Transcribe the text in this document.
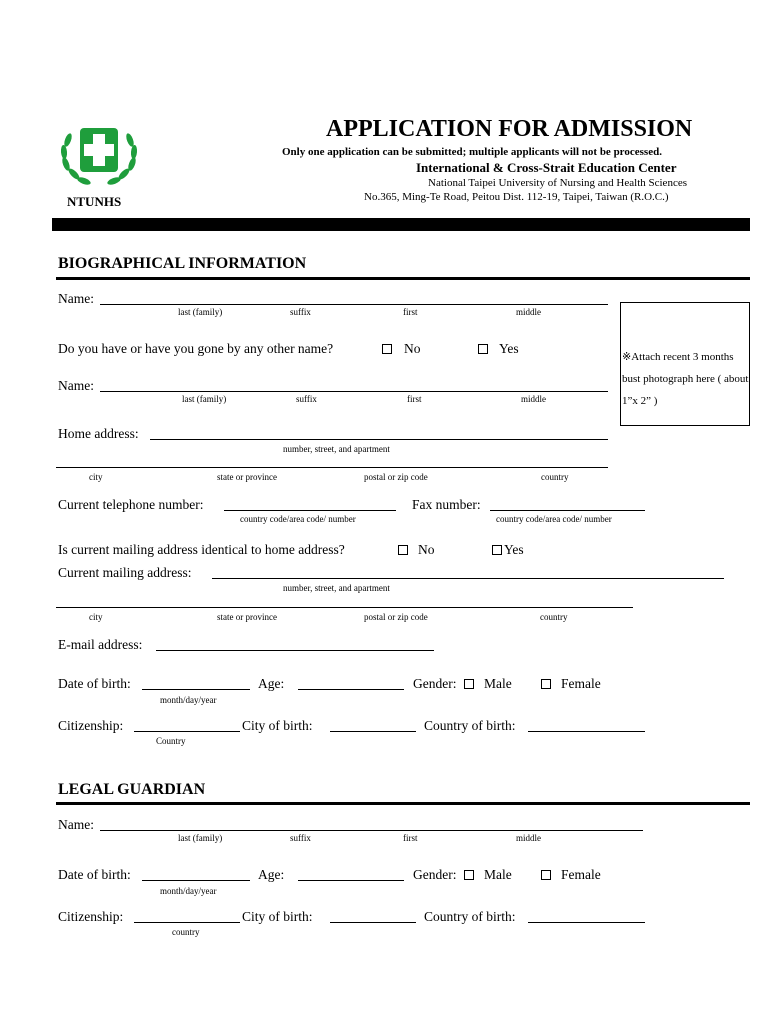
NTUNHS
APPLICATION FOR ADMISSION
Only one application can be submitted; multiple applicants will not be processed.
International & Cross-Strait Education Center
National Taipei University of Nursing and Health Sciences
No.365, Ming-Te Road, Peitou Dist. 112-19, Taipei, Taiwan (R.O.C.)
BIOGRAPHICAL INFORMATION
Name:
last (family)	suffix	first	middle
※Attach recent 3 months bust photograph here ( about 1”x 2” )
Do you have or have you gone by any other name?	No	Yes
Name:
last (family)	suffix	first	middle
Home address:
number, street, and apartment
city	state or province	postal or zip code	country
Current telephone number:
country code/area code/ number
Fax number:
country code/area code/ number
Is current mailing address identical to home address?	No	Yes
Current mailing address:
number, street, and apartment
city	state or province	postal or zip code	country
E-mail address:
Date of birth:
month/day/year
Age:	Gender: Male	Female
Citizenship:
Country
City of birth:	Country of birth:
LEGAL GUARDIAN
Name:
last (family)	suffix	first	middle
Date of birth:
month/day/year
Age:	Gender: Male	Female
Citizenship:
country
City of birth:	Country of birth:
